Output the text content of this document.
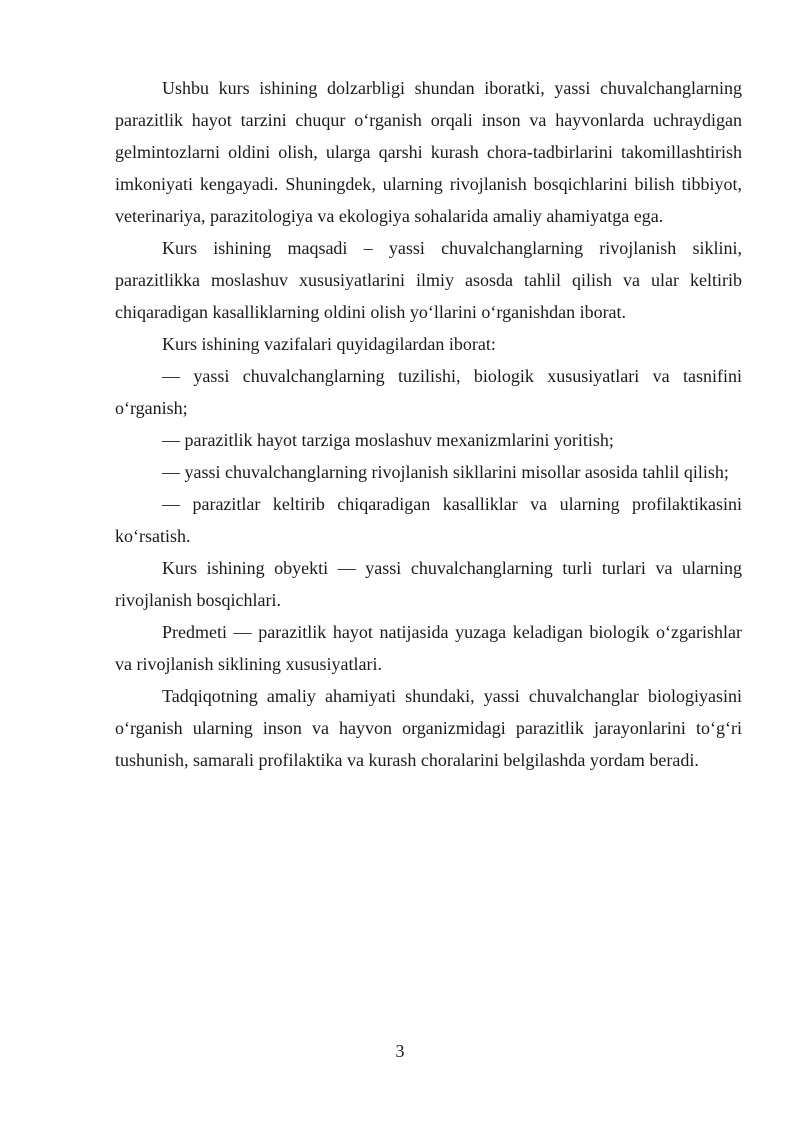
Ushbu kurs ishining dolzarbligi shundan iboratki, yassi chuvalchanglarning parazitlik hayot tarzini chuqur o‘rganish orqali inson va hayvonlarda uchraydigan gelmintozlarni oldini olish, ularga qarshi kurash chora-tadbirlarini takomillashtirish imkoniyati kengayadi. Shuningdek, ularning rivojlanish bosqichlarini bilish tibbiyot, veterinariya, parazitologiya va ekologiya sohalarida amaliy ahamiyatga ega.

Kurs ishining maqsadi – yassi chuvalchanglarning rivojlanish siklini, parazitlikka moslashuv xususiyatlarini ilmiy asosda tahlil qilish va ular keltirib chiqaradigan kasalliklarning oldini olish yo‘llarini o‘rganishdan iborat.

Kurs ishining vazifalari quyidagilardan iborat:

— yassi chuvalchanglarning tuzilishi, biologik xususiyatlari va tasnifini o‘rganish;

— parazitlik hayot tarziga moslashuv mexanizmlarini yoritish;

— yassi chuvalchanglarning rivojlanish sikllarini misollar asosida tahlil qilish;

— parazitlar keltirib chiqaradigan kasalliklar va ularning profilaktikasini ko‘rsatish.

Kurs ishining obyekti — yassi chuvalchanglarning turli turlari va ularning rivojlanish bosqichlari.

Predmeti — parazitlik hayot natijasida yuzaga keladigan biologik o‘zgarishlar va rivojlanish siklining xususiyatlari.

Tadqiqotning amaliy ahamiyati shundaki, yassi chuvalchanglar biologiyasini o‘rganish ularning inson va hayvon organizmidagi parazitlik jarayonlarini to‘g‘ri tushunish, samarali profilaktika va kurash choralarini belgilashda yordam beradi.

3
